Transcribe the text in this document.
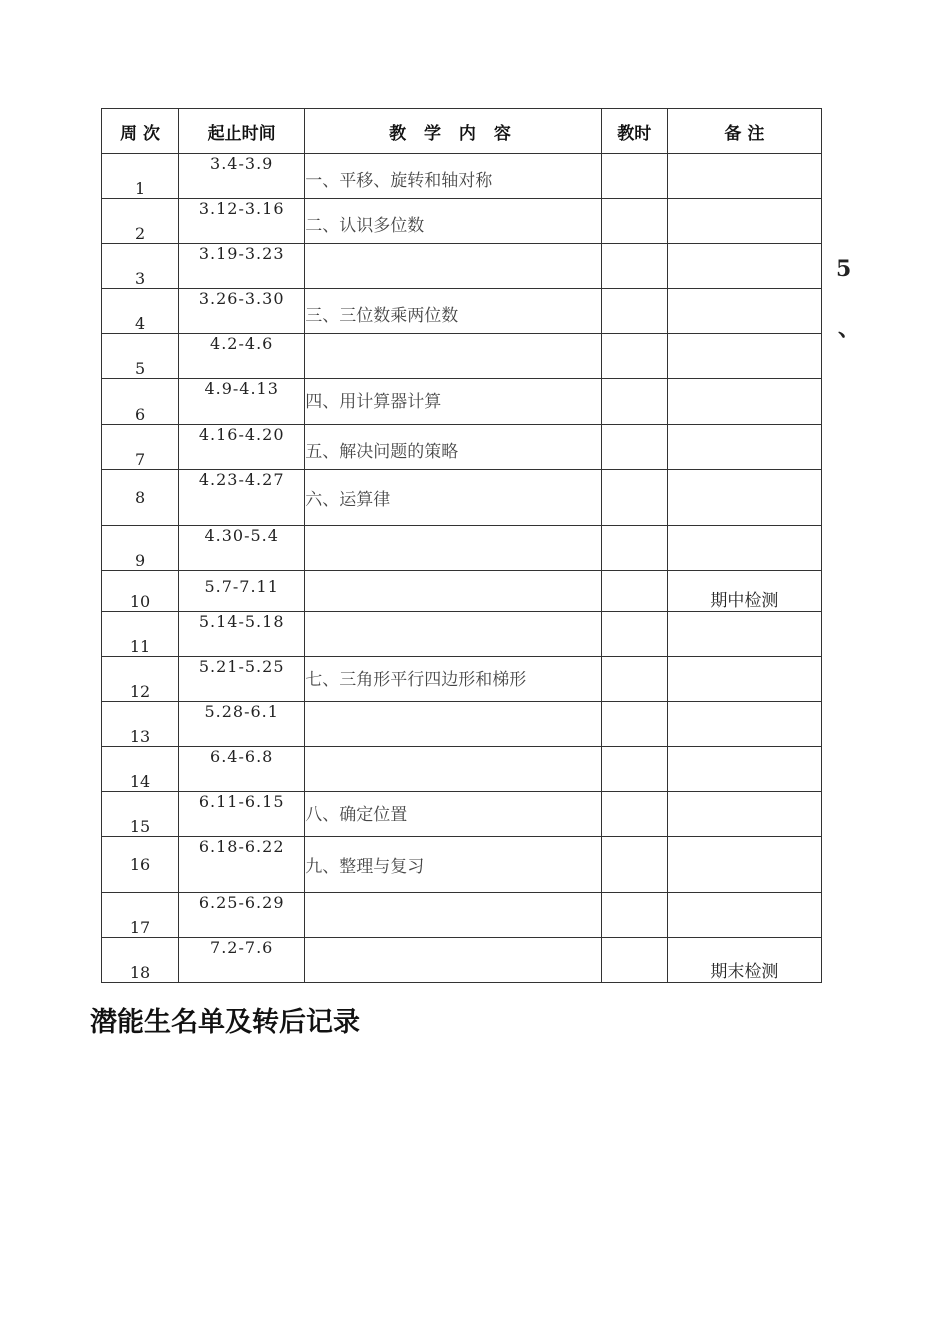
周 次	起止时间	教 学 内 容	教时	备 注
1	3.4-3.9	一、平移、旋转和轴对称		
2	3.12-3.16	二、认识多位数		
3	3.19-3.23			
4	3.26-3.30	三、三位数乘两位数		
5	4.2-4.6			
6	4.9-4.13	四、用计算器计算		
7	4.16-4.20	五、解决问题的策略		
8	4.23-4.27	六、运算律		
9	4.30-5.4			
10	5.7-7.11			期中检测
11	5.14-5.18			
12	5.21-5.25	七、三角形平行四边形和梯形		
13	5.28-6.1			
14	6.4-6.8			
15	6.11-6.15	八、确定位置		
16	6.18-6.22	九、整理与复习		
17	6.25-6.29			
18	7.2-7.6			期末检测
5
、
潜能生名单及转后记录
